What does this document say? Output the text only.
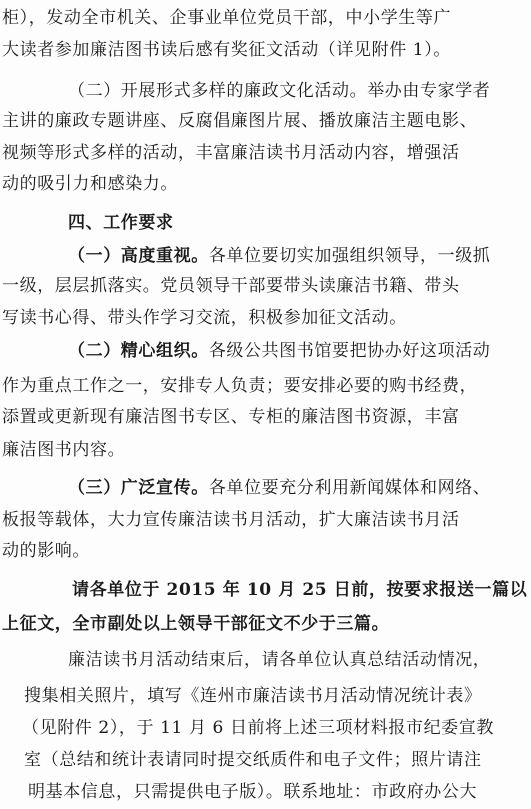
柜），发动全市机关、企事业单位党员干部，中小学生等广
大读者参加廉洁图书读后感有奖征文活动（详见附件 1）。
（二）开展形式多样的廉政文化活动。举办由专家学者
主讲的廉政专题讲座、反腐倡廉图片展、播放廉洁主题电影、
视频等形式多样的活动，丰富廉洁读书月活动内容，增强活
动的吸引力和感染力。
四、工作要求
（一）高度重视。各单位要切实加强组织领导，一级抓
一级，层层抓落实。党员领导干部要带头读廉洁书籍、带头
写读书心得、带头作学习交流，积极参加征文活动。
（二）精心组织。各级公共图书馆要把协办好这项活动
作为重点工作之一，安排专人负责；要安排必要的购书经费，
添置或更新现有廉洁图书专区、专柜的廉洁图书资源，丰富
廉洁图书内容。
（三）广泛宣传。各单位要充分利用新闻媒体和网络、
板报等载体，大力宣传廉洁读书月活动，扩大廉洁读书月活
动的影响。
请各单位于 2015 年 10 月 25 日前，按要求报送一篇以
上征文，全市副处以上领导干部征文不少于三篇。
廉洁读书月活动结束后，请各单位认真总结活动情况，
搜集相关照片，填写《连州市廉洁读书月活动情况统计表》
（见附件 2），于 11 月 6 日前将上述三项材料报市纪委宣教
室（总结和统计表请同时提交纸质件和电子文件；照片请注
明基本信息，只需提供电子版）。联系地址：市政府办公大
